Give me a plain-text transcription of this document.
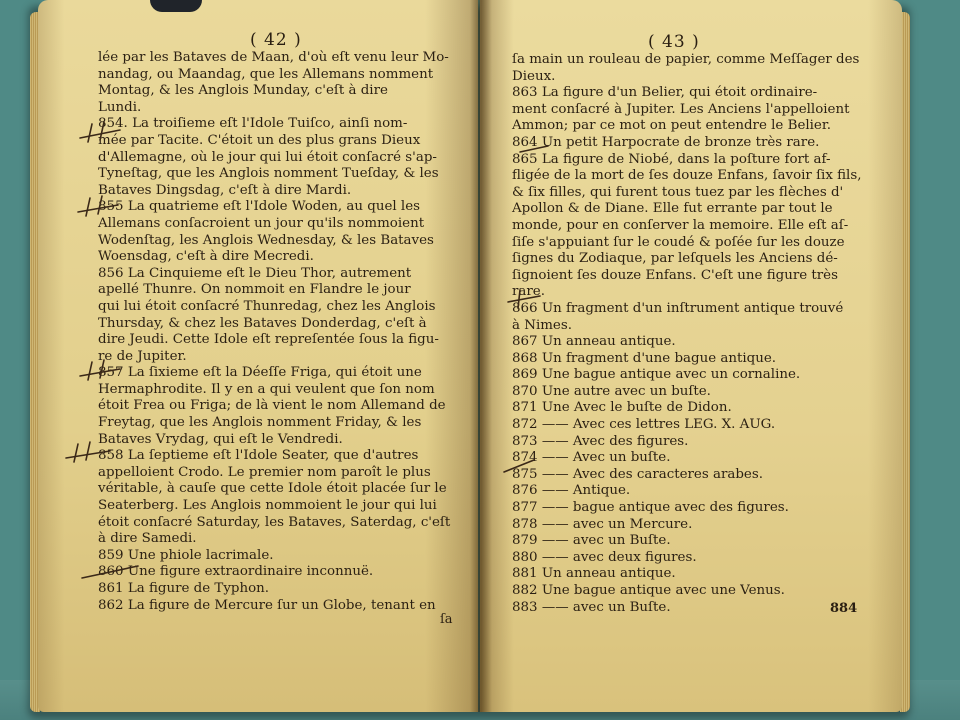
( 42 )
lée par les Bataves de Maan, d'où eſt venu leur Mo-
nandag, ou Maandag, que les Allemans nomment
Montag, & les Anglois Munday, c'eſt à dire
Lundi.
854. La troiſieme eſt l'Idole Tuiſco, ainſi nom-
mée par Tacite. C'étoit un des plus grans Dieux
d'Allemagne, où le jour qui lui étoit conſacré s'ap-
Tyneſtag, que les Anglois nomment Tueſday, & les
Bataves Dingsdag, c'eſt à dire Mardi.
855 La quatrieme eſt l'Idole Woden, au quel les
Allemans conſacroient un jour qu'ils nommoient
Wodenſtag, les Anglois Wednesday, & les Bataves
Woensdag, c'eſt à dire Mecredi.
856 La Cinquieme eſt le Dieu Thor, autrement
apellé Thunre. On nommoit en Flandre le jour
qui lui étoit conſacré Thunredag, chez les Anglois
Thursday, & chez les Bataves Donderdag, c'eſt à
dire Jeudi. Cette Idole eſt repreſentée ſous la figu-
re de Jupiter.
857 La ſixieme eſt la Déeſſe Friga, qui étoit une
Hermaphrodite. Il y en a qui veulent que ſon nom
étoit Frea ou Friga; de là vient le nom Allemand de
Freytag, que les Anglois nomment Friday, & les
Bataves Vrydag, qui eſt le Vendredi.
858 La ſeptieme eſt l'Idole Seater, que d'autres
appelloient Crodo. Le premier nom paroît le plus
véritable, à cauſe que cette Idole étoit placée ſur le
Seaterberg. Les Anglois nommoient le jour qui lui
étoit conſacré Saturday, les Bataves, Saterdag, c'eſt
à dire Samedi.
859 Une phiole lacrimale.
860 Une figure extraordinaire inconnuë.
861 La figure de Typhon.
862 La figure de Mercure ſur un Globe, tenant en
ſa
( 43 )
ſa main un rouleau de papier, comme Meſſager des
Dieux.
863 La figure d'un Belier, qui étoit ordinaire-
ment conſacré à Jupiter. Les Anciens l'appelloient
Ammon; par ce mot on peut entendre le Belier.
864 Un petit Harpocrate de bronze très rare.
865 La figure de Niobé, dans la poſture fort af-
fligée de la mort de ſes douze Enfans, ſavoir ſix fils,
& ſix filles, qui furent tous tuez par les flèches d'
Apollon & de Diane. Elle fut errante par tout le
monde, pour en conſerver la memoire. Elle eſt aſ-
ſiſe s'appuiant ſur le coudé & poſée ſur les douze
ſignes du Zodiaque, par leſquels les Anciens dé-
ſignoient ſes douze Enfans. C'eſt une figure très
rare.
866 Un fragment d'un inſtrument antique trouvé
à Nimes.
867 Un anneau antique.
868 Un fragment d'une bague antique.
869 Une bague antique avec un cornaline.
870 Une autre avec un buſte.
871 Une Avec le buſte de Didon.
872 —— Avec ces lettres LEG. X. AUG.
873 —— Avec des figures.
874 —— Avec un buſte.
875 —— Avec des caracteres arabes.
876 —— Antique.
877 —— bague antique avec des figures.
878 —— avec un Mercure.
879 —— avec un Buſte.
880 —— avec deux figures.
881 Un anneau antique.
882 Une bague antique avec une Venus.
883 —— avec un Buſte.	884
